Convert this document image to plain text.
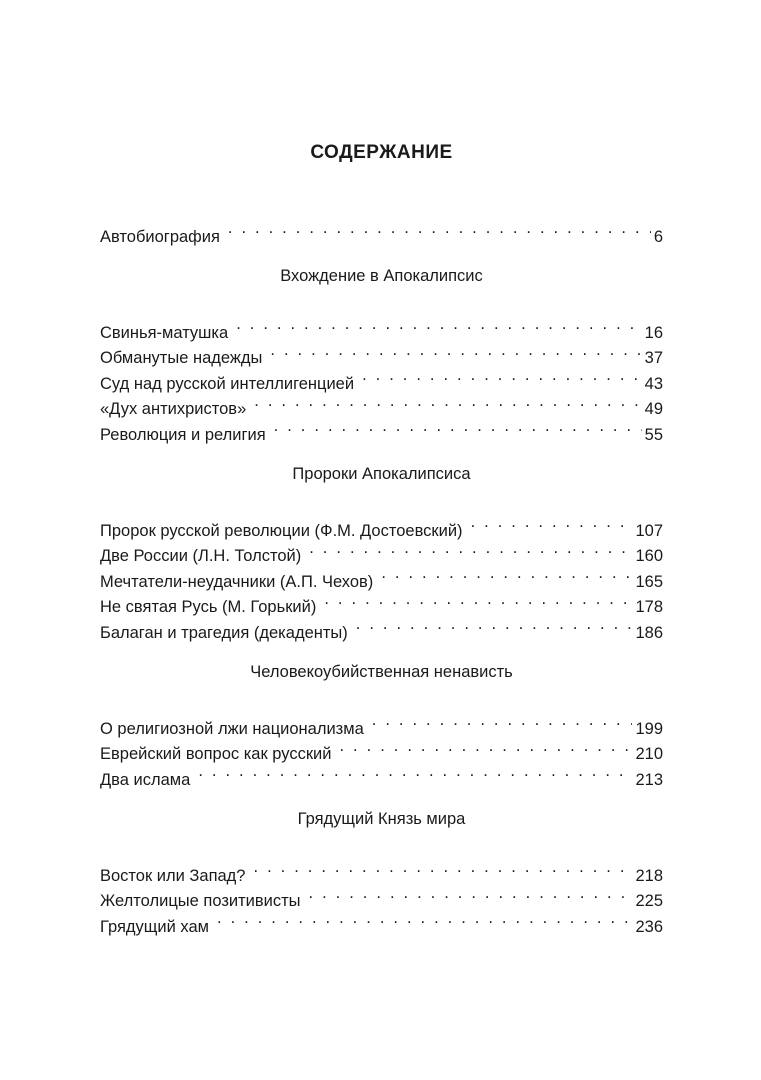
СОДЕРЖАНИЕ
Автобиография . . .	6
Вхождение в Апокалипсис
Свинья-матушка . . .	16
Обманутые надежды . . .	37
Суд над русской интеллигенцией . . .	43
«Дух антихристов» . . .	49
Революция и религия . . .	55
Пророки Апокалипсиса
Пророк русской революции (Ф.М. Достоевский) . . .	107
Две России (Л.Н. Толстой) . . .	160
Мечтатели-неудачники (А.П. Чехов) . . .	165
Не святая Русь (М. Горький) . . .	178
Балаган и трагедия (декаденты) . . .	186
Человекоубийственная ненависть
О религиозной лжи национализма . . .	199
Еврейский вопрос как русский . . .	210
Два ислама . . .	213
Грядущий Князь мира
Восток или Запад? . . .	218
Желтолицые позитивисты . . .	225
Грядущий хам . . .	236
